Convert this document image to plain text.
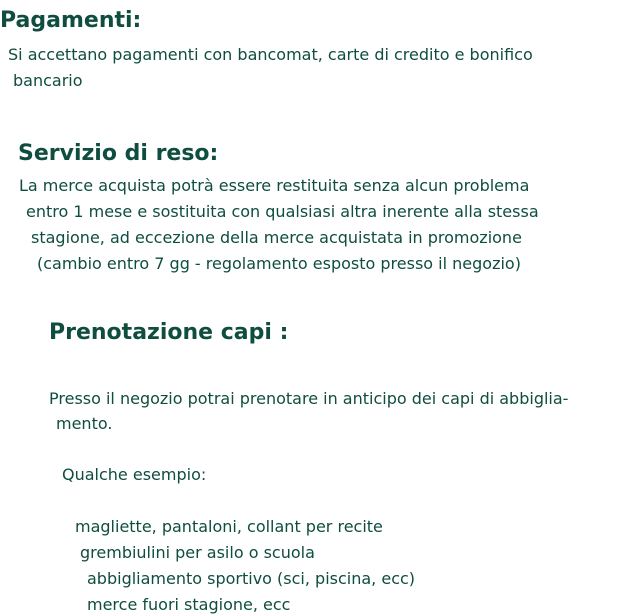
Pagamenti:

Si accettano pagamenti con bancomat, carte di credito e bonifico

bancario

Servizio di reso:

La merce acquista potrà essere restituita senza alcun problema

entro 1 mese e sostituita con qualsiasi altra inerente alla stessa

stagione, ad eccezione della merce acquistata in promozione

(cambio entro 7 gg - regolamento esposto presso il negozio)

Prenotazione capi :

Presso il negozio potrai prenotare in anticipo dei capi di abbiglia-

mento.

Qualche esempio:

magliette, pantaloni, collant per recite

grembiulini per asilo o scuola

abbigliamento sportivo (sci, piscina, ecc)

merce fuori stagione, ecc
